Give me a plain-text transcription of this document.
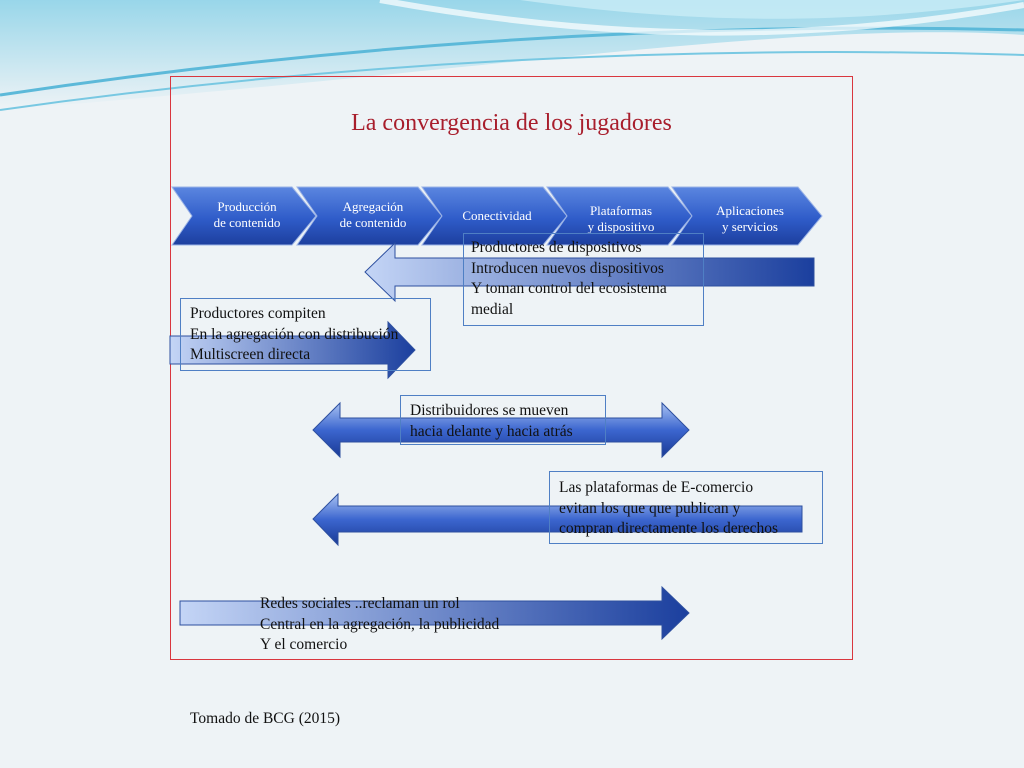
La convergencia de los jugadores
Producción
de contenido
Agregación
de contenido	Conectividad	Plataformas
y dispositivo
Aplicaciones
y servicios
Productores de dispositivos
Introducen nuevos dispositivos
Y toman control del ecosistema
medial
Productores compiten
En la agregación con distribución
Multiscreen directa
Distribuidores se mueven
hacia delante y hacia atrás
Las plataformas de E-comercio
evitan los que que publican y
compran directamente los derechos
Redes sociales ..reclaman un rol
Central en la agregación, la publicidad
Y el comercio
Tomado de BCG (2015)
